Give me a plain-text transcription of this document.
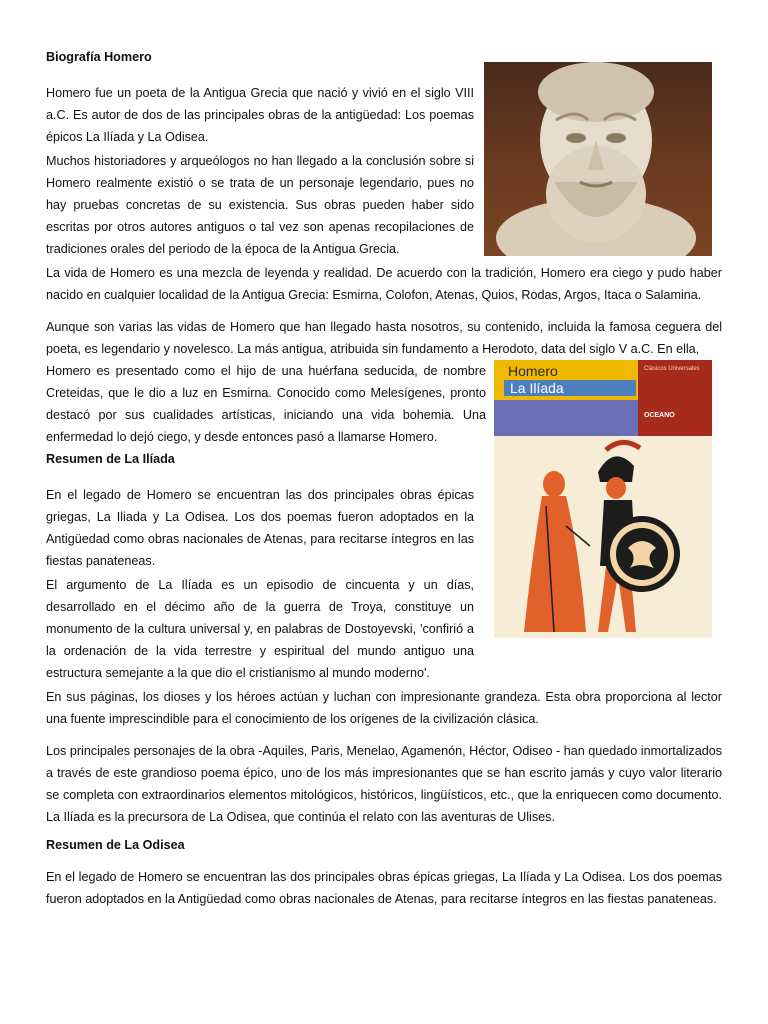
Biografía Homero

Homero fue un poeta de la Antigua Grecia que nació y vivió en el siglo VIII a.C. Es autor de dos de las principales obras de la antigüedad: Los poemas épicos La Ilíada y La Odisea.

Muchos historiadores y arqueólogos no han llegado a la conclusión sobre si Homero realmente existió o se trata de un personaje legendario, pues no hay pruebas concretas de su existencia. Sus obras pueden haber sido escritas por otros autores antiguos o tal vez son apenas recopilaciones de tradiciones orales del periodo de la época de la Antigua Grecia.

La vida de Homero es una mezcla de leyenda y realidad. De acuerdo con la tradición, Homero era ciego y pudo haber nacido en cualquier localidad de la Antigua Grecia: Esmirna, Colofon, Atenas, Quios, Rodas, Argos, Itaca o Salamina.

Aunque son varias las vidas de Homero que han llegado hasta nosotros, su contenido, incluida la famosa ceguera del poeta, es legendario y novelesco. La más antigua, atribuida sin fundamento a Herodoto, data del siglo V a.C. En ella,

Homero es presentado como el hijo de una huérfana seducida, de nombre Creteidas, que le dio a luz en Esmirna. Conocido como Melesígenes, pronto destacó por sus cualidades artísticas, iniciando una vida bohemia. Una enfermedad lo dejó ciego, y desde entonces pasó a llamarse Homero.

Homero
La Ilíada
Clásicos Universales
OCEANO

Resumen de La Ilíada

En el legado de Homero se encuentran las dos principales obras épicas griegas, La Iliada y La Odisea. Los dos poemas fueron adoptados en la Antigüedad como obras nacionales de Atenas, para recitarse íntegros en las fiestas panateneas.

El argumento de La Ilíada es un episodio de cincuenta y un días, desarrollado en el décimo año de la guerra de Troya, constituye un monumento de la cultura universal y, en palabras de Dostoyevski, 'confirió a la ordenación de la vida terrestre y espiritual del mundo antiguo una estructura semejante a la que dio el cristianismo al mundo moderno'.

En sus páginas, los dioses y los héroes actúan y luchan con impresionante grandeza. Esta obra proporciona al lector una fuente imprescindible para el conocimiento de los orígenes de la civilización clásica.

Los principales personajes de la obra -Aquiles, Paris, Menelao, Agamenón, Héctor, Odiseo - han quedado inmortalizados a través de este grandioso poema épico, uno de los más impresionantes que se han escrito jamás y cuyo valor literario se completa con extraordinarios elementos mitológicos, históricos, lingüísticos, etc., que la enriquecen como documento. La Ilíada es la precursora de La Odisea, que continúa el relato con las aventuras de Ulises.

Resumen de La Odisea

En el legado de Homero se encuentran las dos principales obras épicas griegas, La Ilíada y La Odisea. Los dos poemas fueron adoptados en la Antigüedad como obras nacionales de Atenas, para recitarse íntegros en las fiestas panateneas.
